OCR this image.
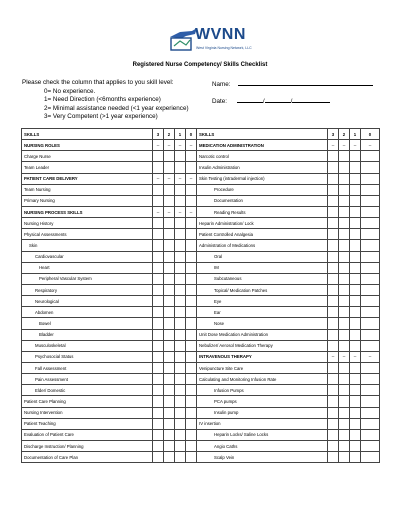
WVNN
West Virginia Nursing Network, LLC
Registered Nurse Competency/ Skills Checklist
Please check the column that applies to you skill level:
0= No experience.
1= Need Direction (<6months experience)
2= Minimal assistance needed (<1 year experience)
3= Very Competent (>1 year experience)
Name:
Date:	/	/
SKILLS	3	2	1	0	SKILLS	3	2	1	0
NURSING ROLES	--	--	--	--	MEDICATION ADMINISTRATION	--	--	--	--
Charge Nurse					Narcotic control				
Team Leader					Insulin Administration				
PATIENT CARE DELIVERY	--	--	--	--	Skin Testing (intradermal injection)				
Team Nursing					Procedure				
Primary Nursing					Documentation				
NURSING PROCESS SKILLS	--	--	--	--	Reading Results				
Nursing History					Heparin Administration/ Lock				
Physical Assessments					Patient Controlled Analgesia				
Skin					Administration of Medications				
Cardiovascular					Oral				
Heart					IM				
Peripheral Vascular System					Subcutaneous				
Respiratory					Topical/ Medication Patches				
Neurological					Eye				
Abdomen					Ear				
Bowel					Nose				
Bladder					Unit Dose Medication Administration				
Musculoskeletal					Nebulizer/ Aerosol Medication Therapy				
Psychosocial Status					INTRAVENOUS THERAPY	--	--	--	--
Fall Assessment					Venipuncture Site Care				
Pain Assessment					Calculating and Monitoring Infusion Rate				
Elder/ Domestic					Infusion Pumps				
Patient Care Planning					PCA pumps				
Nursing Intervention					Insulin pump				
Patient Teaching					IV insertion				
Evaluation of Patient Care					Heparin Locks/ Saline Locks				
Discharge Instruction/ Planning					Angio Caths				
Documentation of Care Plan					Scalp Vein				
